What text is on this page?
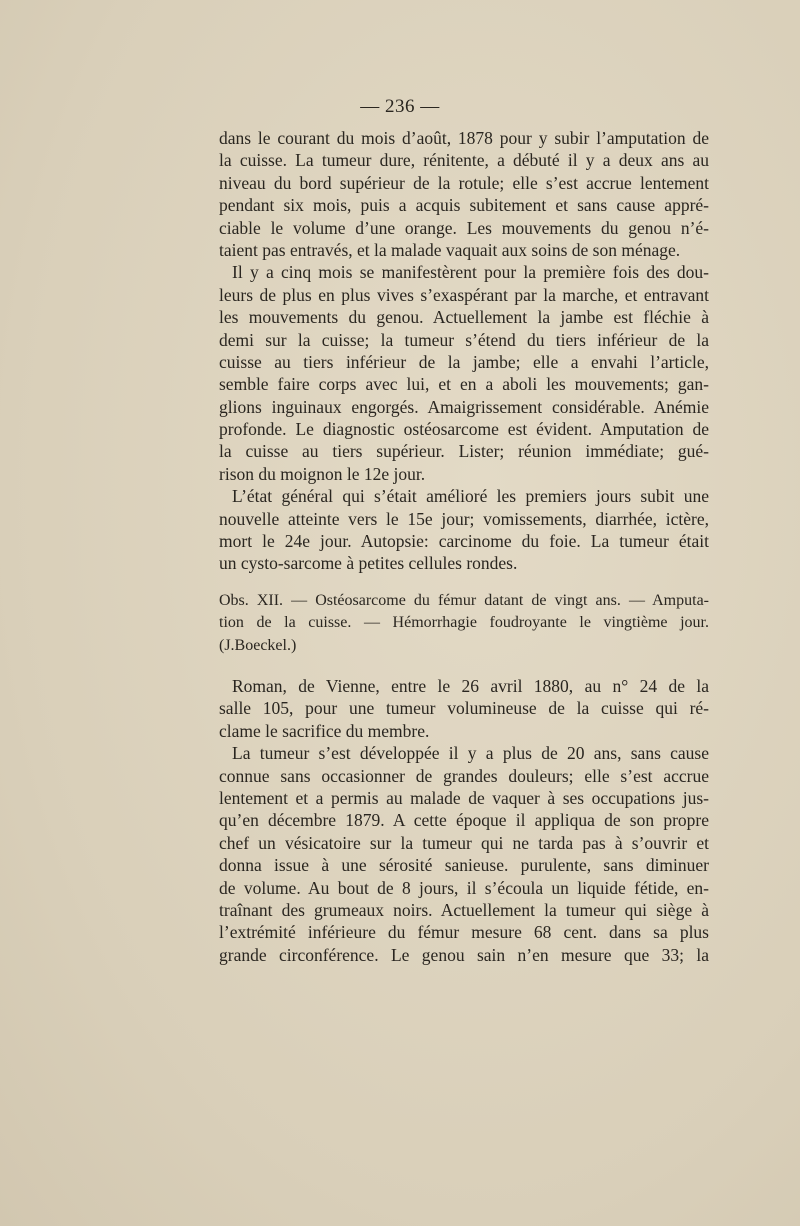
— 236 —
dans le courant du mois d’août, 1878 pour y subir l’amputation de
la cuisse. La tumeur dure, rénitente, a débuté il y a deux ans au
niveau du bord supérieur de la rotule; elle s’est accrue lentement
pendant six mois, puis a acquis subitement et sans cause appré-
ciable le volume d’une orange. Les mouvements du genou n’é-
taient pas entravés, et la malade vaquait aux soins de son ménage.
Il y a cinq mois se manifestèrent pour la première fois des dou-
leurs de plus en plus vives s’exaspérant par la marche, et entravant
les mouvements du genou. Actuellement la jambe est fléchie à
demi sur la cuisse; la tumeur s’étend du tiers inférieur de la
cuisse au tiers inférieur de la jambe; elle a envahi l’article,
semble faire corps avec lui, et en a aboli les mouvements; gan-
glions inguinaux engorgés. Amaigrissement considérable. Anémie
profonde. Le diagnostic ostéosarcome est évident. Amputation de
la cuisse au tiers supérieur. Lister; réunion immédiate; gué-
rison du moignon le 12e jour.
L’état général qui s’était amélioré les premiers jours subit une
nouvelle atteinte vers le 15e jour; vomissements, diarrhée, ictère,
mort le 24e jour. Autopsie: carcinome du foie. La tumeur était
un cysto-sarcome à petites cellules rondes.
Obs. XII. — Ostéosarcome du fémur datant de vingt ans. — Amputa-
tion de la cuisse. — Hémorrhagie foudroyante le vingtième jour.
(J.Boeckel.)
Roman, de Vienne, entre le 26 avril 1880, au n° 24 de la
salle 105, pour une tumeur volumineuse de la cuisse qui ré-
clame le sacrifice du membre.
La tumeur s’est développée il y a plus de 20 ans, sans cause
connue sans occasionner de grandes douleurs; elle s’est accrue
lentement et a permis au malade de vaquer à ses occupations jus-
qu’en décembre 1879. A cette époque il appliqua de son propre
chef un vésicatoire sur la tumeur qui ne tarda pas à s’ouvrir et
donna issue à une sérosité sanieuse. purulente, sans diminuer
de volume. Au bout de 8 jours, il s’écoula un liquide fétide, en-
traînant des grumeaux noirs. Actuellement la tumeur qui siège à
l’extrémité inférieure du fémur mesure 68 cent. dans sa plus
grande circonférence. Le genou sain n’en mesure que 33; la
